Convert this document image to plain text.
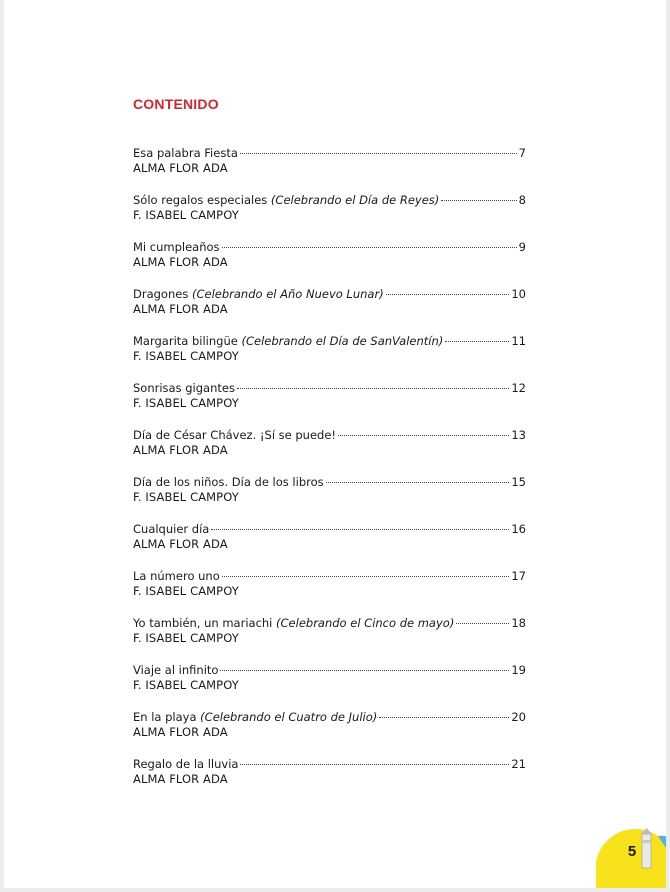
CONTENIDO
Esa palabra Fiesta	7
ALMA FLOR ADA
Sólo regalos especiales (Celebrando el Día de Reyes)	8
F. ISABEL CAMPOY
Mi cumpleaños	9
ALMA FLOR ADA
Dragones (Celebrando el Año Nuevo Lunar)	10
ALMA FLOR ADA
Margarita bilingüe (Celebrando el Día de SanValentín)	11
F. ISABEL CAMPOY
Sonrisas gigantes	12
F. ISABEL CAMPOY
Día de César Chávez. ¡Sí se puede!	13
ALMA FLOR ADA
Día de los niños. Día de los libros	15
F. ISABEL CAMPOY
Cualquier día	16
ALMA FLOR ADA
La número uno	17
F. ISABEL CAMPOY
Yo también, un mariachi (Celebrando el Cinco de mayo)	18
F. ISABEL CAMPOY
Viaje al infinito	19
F. ISABEL CAMPOY
En la playa (Celebrando el Cuatro de Julio)	20
ALMA FLOR ADA
Regalo de la lluvia	21
ALMA FLOR ADA
5
